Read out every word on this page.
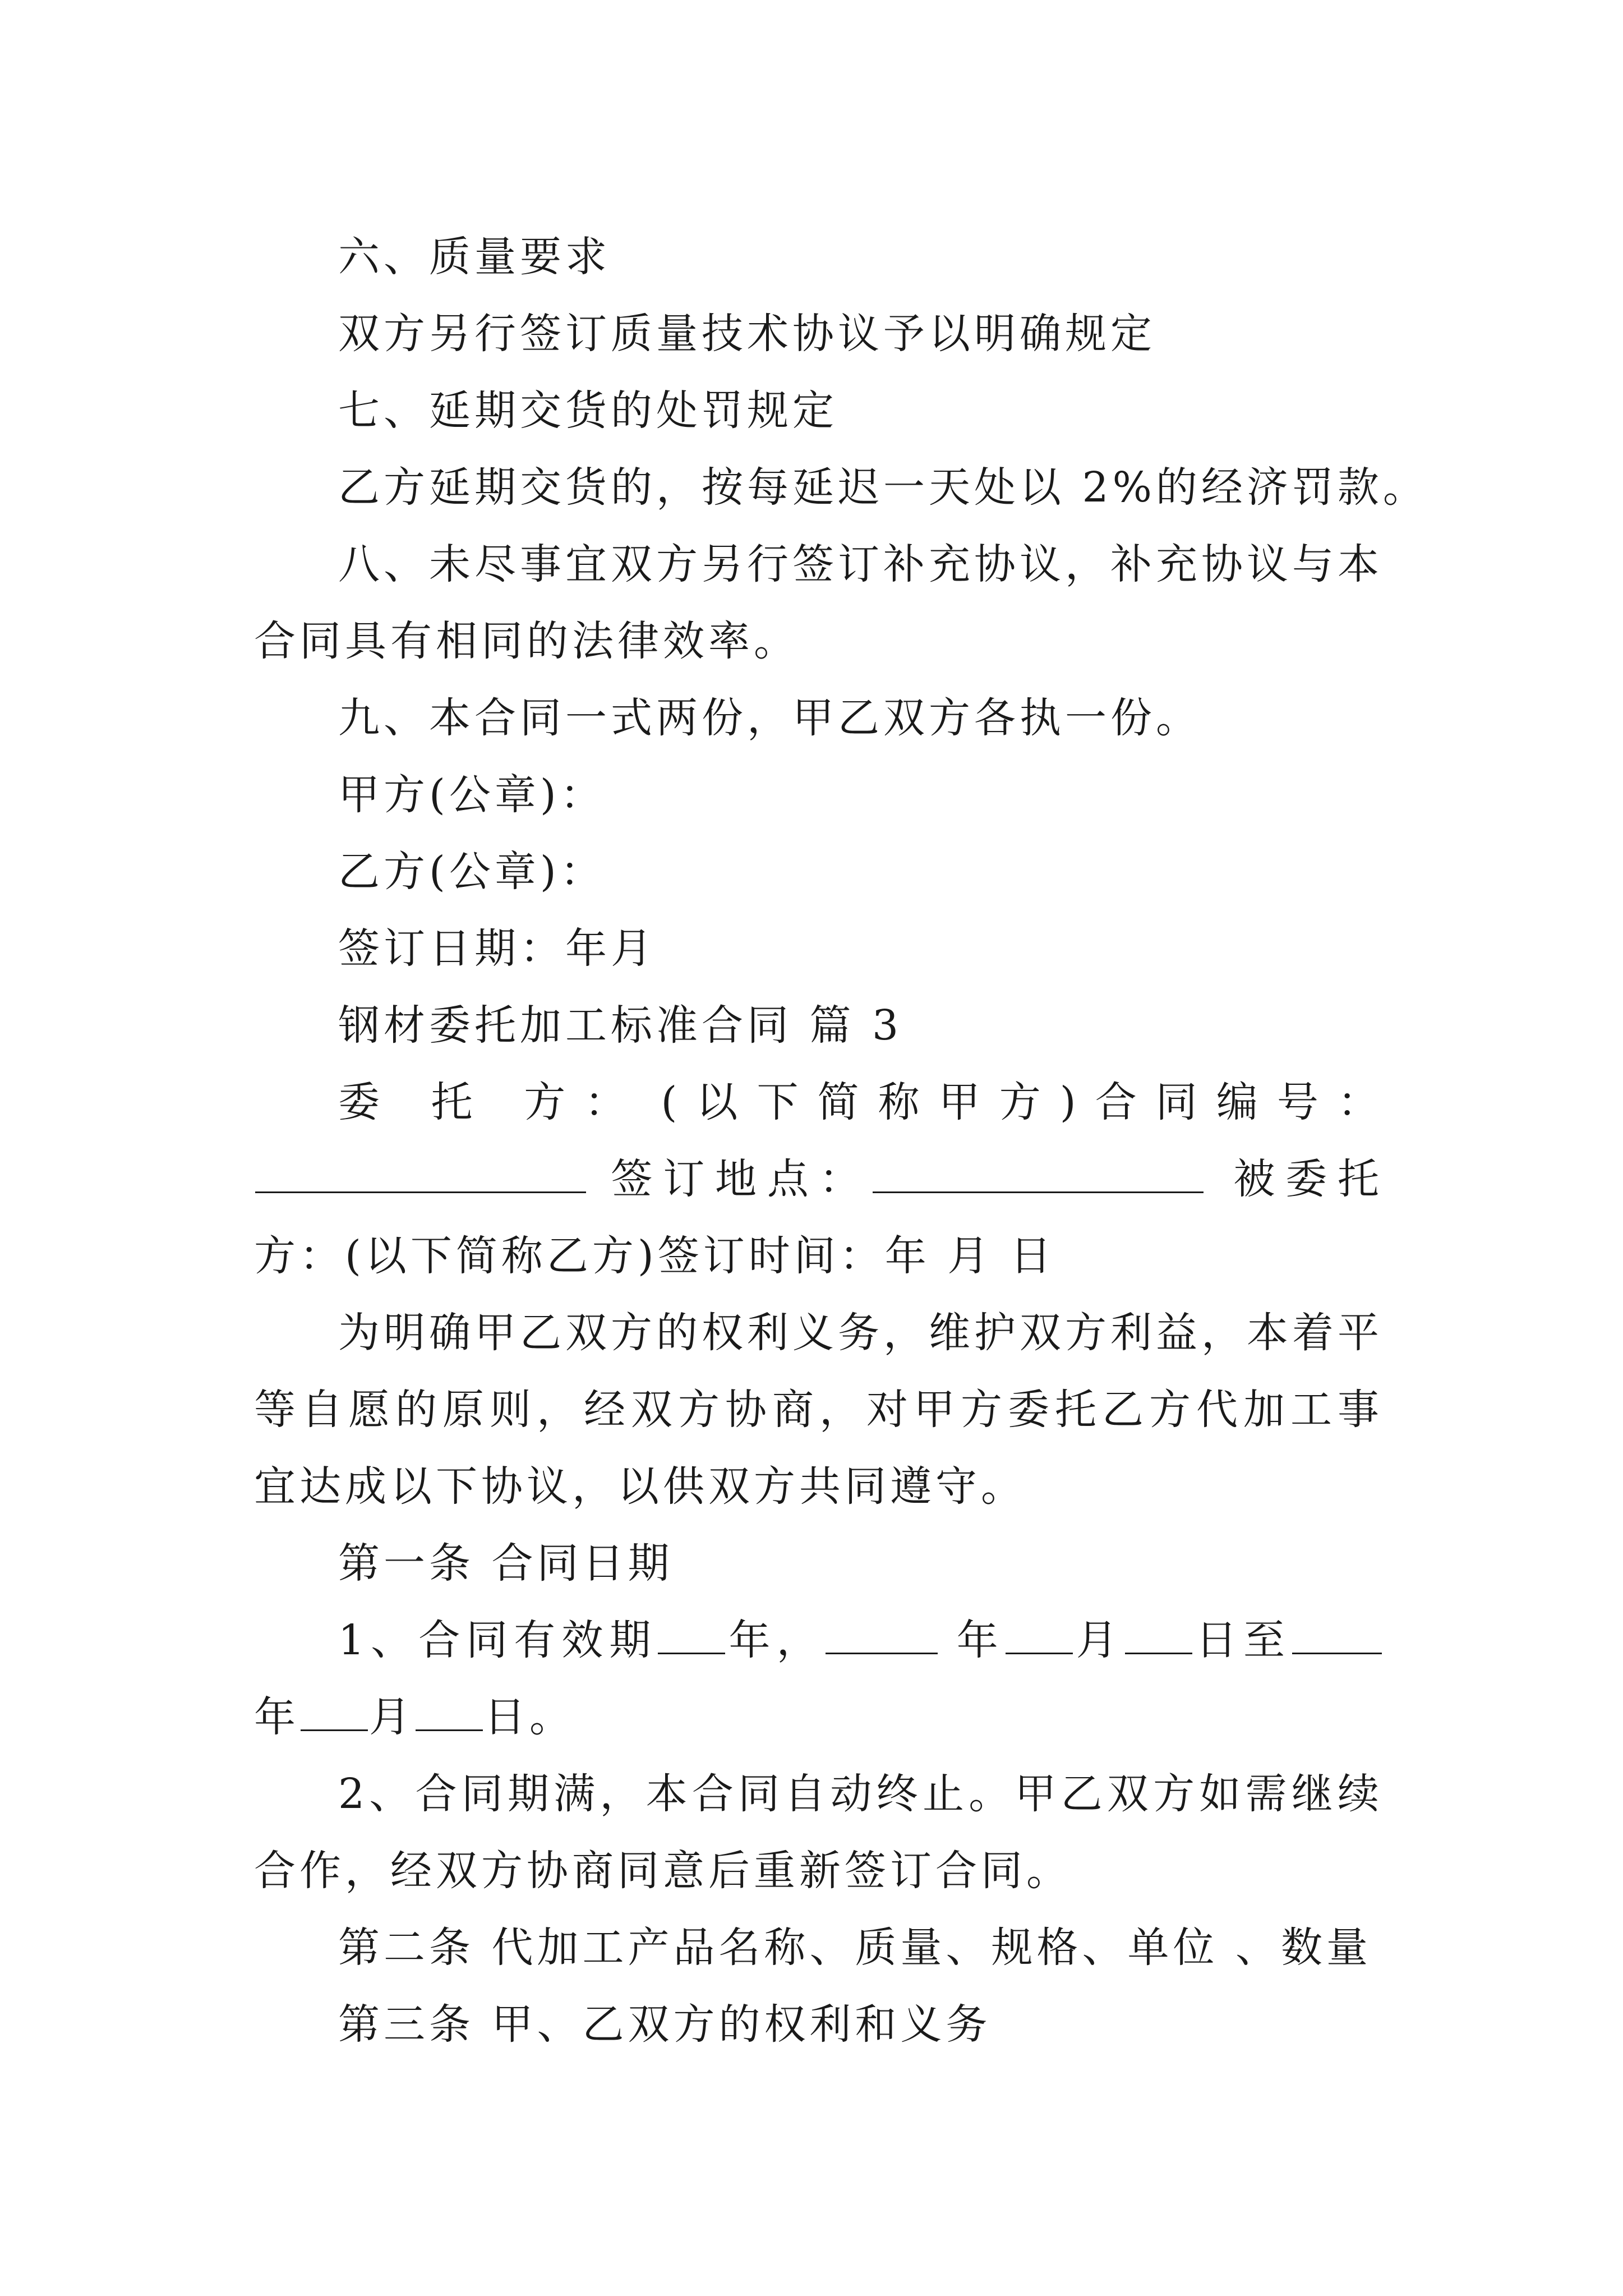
六、质量要求

双方另行签订质量技术协议予以明确规定

七、延期交货的处罚规定

乙方延期交货的，按每延迟一天处以 2%的经济罚款。

八、未尽事宜双方另行签订补充协议，补充协议与本合同具有相同的法律效率。

九、本合同一式两份，甲乙双方各执一份。

甲方(公章)：

乙方(公章)：

签订日期：年月

钢材委托加工标准合同 篇 3

委 托 方： (以下简称甲方)合同编号： 签订地点：	被委托方：(以下简称乙方)签订时间：年 月 日

为明确甲乙双方的权利义务，维护双方利益，本着平等自愿的原则，经双方协商，对甲方委托乙方代加工事宜达成以下协议，以供双方共同遵守。

第一条 合同日期

1、合同有效期 年，	年 月 日至 年 月 日。

2、合同期满，本合同自动终止。甲乙双方如需继续合作，经双方协商同意后重新签订合同。

第二条 代加工产品名称、质量、规格、单位 、数量

第三条 甲、乙双方的权利和义务
